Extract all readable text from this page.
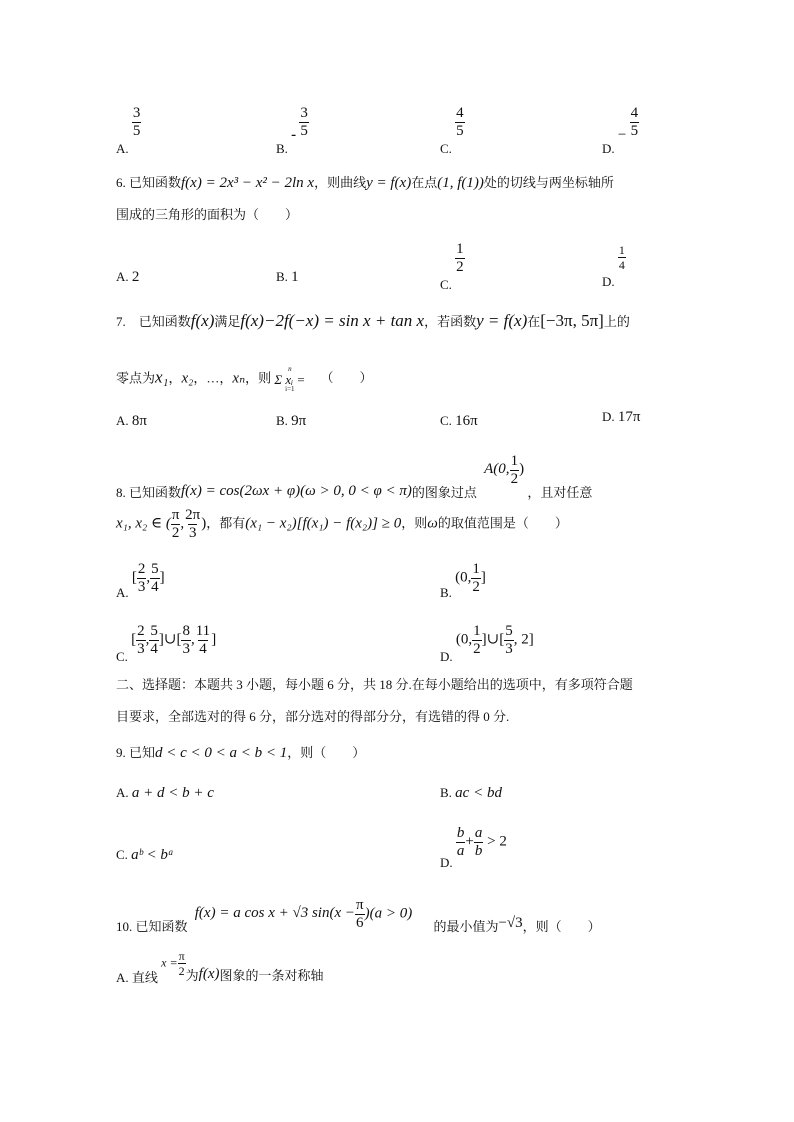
A.
$\frac{3}{5}$
B. - $\frac{3}{5}$
C.
$\frac{4}{5}$
D. − $\frac{4}{5}$
6. 已知函数f(x) = 2x³ − x² − 2ln x，则曲线y = f(x)在点(1, f(1))处的切线与两坐标轴所
围成的三角形的面积为（　　）
A. 2	B. 1	C.
$\frac{1}{2}$
D.
$\frac{1}{4}$
7.　已知函数f(x)满足f(x)−2f(−x) = sin x + tan x，若函数y = f(x)在[−3π, 5π]上的
零点为x₁，x₂，…，xₙ，则
n
Σ xᵢ =
i=1
（　　）
A. 8π	B. 9π	C. 16π	D. 17π
8. 已知函数f(x) = cos(2ωx + φ)(ω > 0, 0 < φ < π)的图象过点 A(0, $\frac{1}{2}$ ) ，且对任意
x₁, x₂ ∈ ( $\frac{\pi}{2}$ , $\frac{2\pi}{3}$ )，都有(x₁ − x₂)[f(x₁) − f(x₂)] ≥ 0，则ω的取值范围是（　　）
A. [ $\frac{2}{3}$ , $\frac{5}{4}$ ]
B. (0, $\frac{1}{2}$ ]
C. [ $\frac{2}{3}$ , $\frac{5}{4}$ ]∪[ $\frac{8}{3}$ , $\frac{11}{4}$ ]
D. (0, $\frac{1}{2}$ ]∪[ $\frac{5}{3}$ , 2]
二、选择题：本题共 3 小题，每小题 6 分，共 18 分.在每小题给出的选项中，有多项符合题
目要求，全部选对的得 6 分，部分选对的得部分分，有选错的得 0 分.
9. 已知d < c < 0 < a < b < 1，则（　　）
A. a + d < b + c	B. ac < bd
C. aᵇ < bᵃ	D.
$\frac{b}{a} + \frac{a}{b} > 2$
10. 已知函数 f(x) = a cos x + √3 $\sin(x - \frac{\pi}{6} )(a > 0)$ 的最小值为−√3，则（　　）
A. 直线 $x = \frac{\pi}{2}$ 为f(x)图象的一条对称轴
